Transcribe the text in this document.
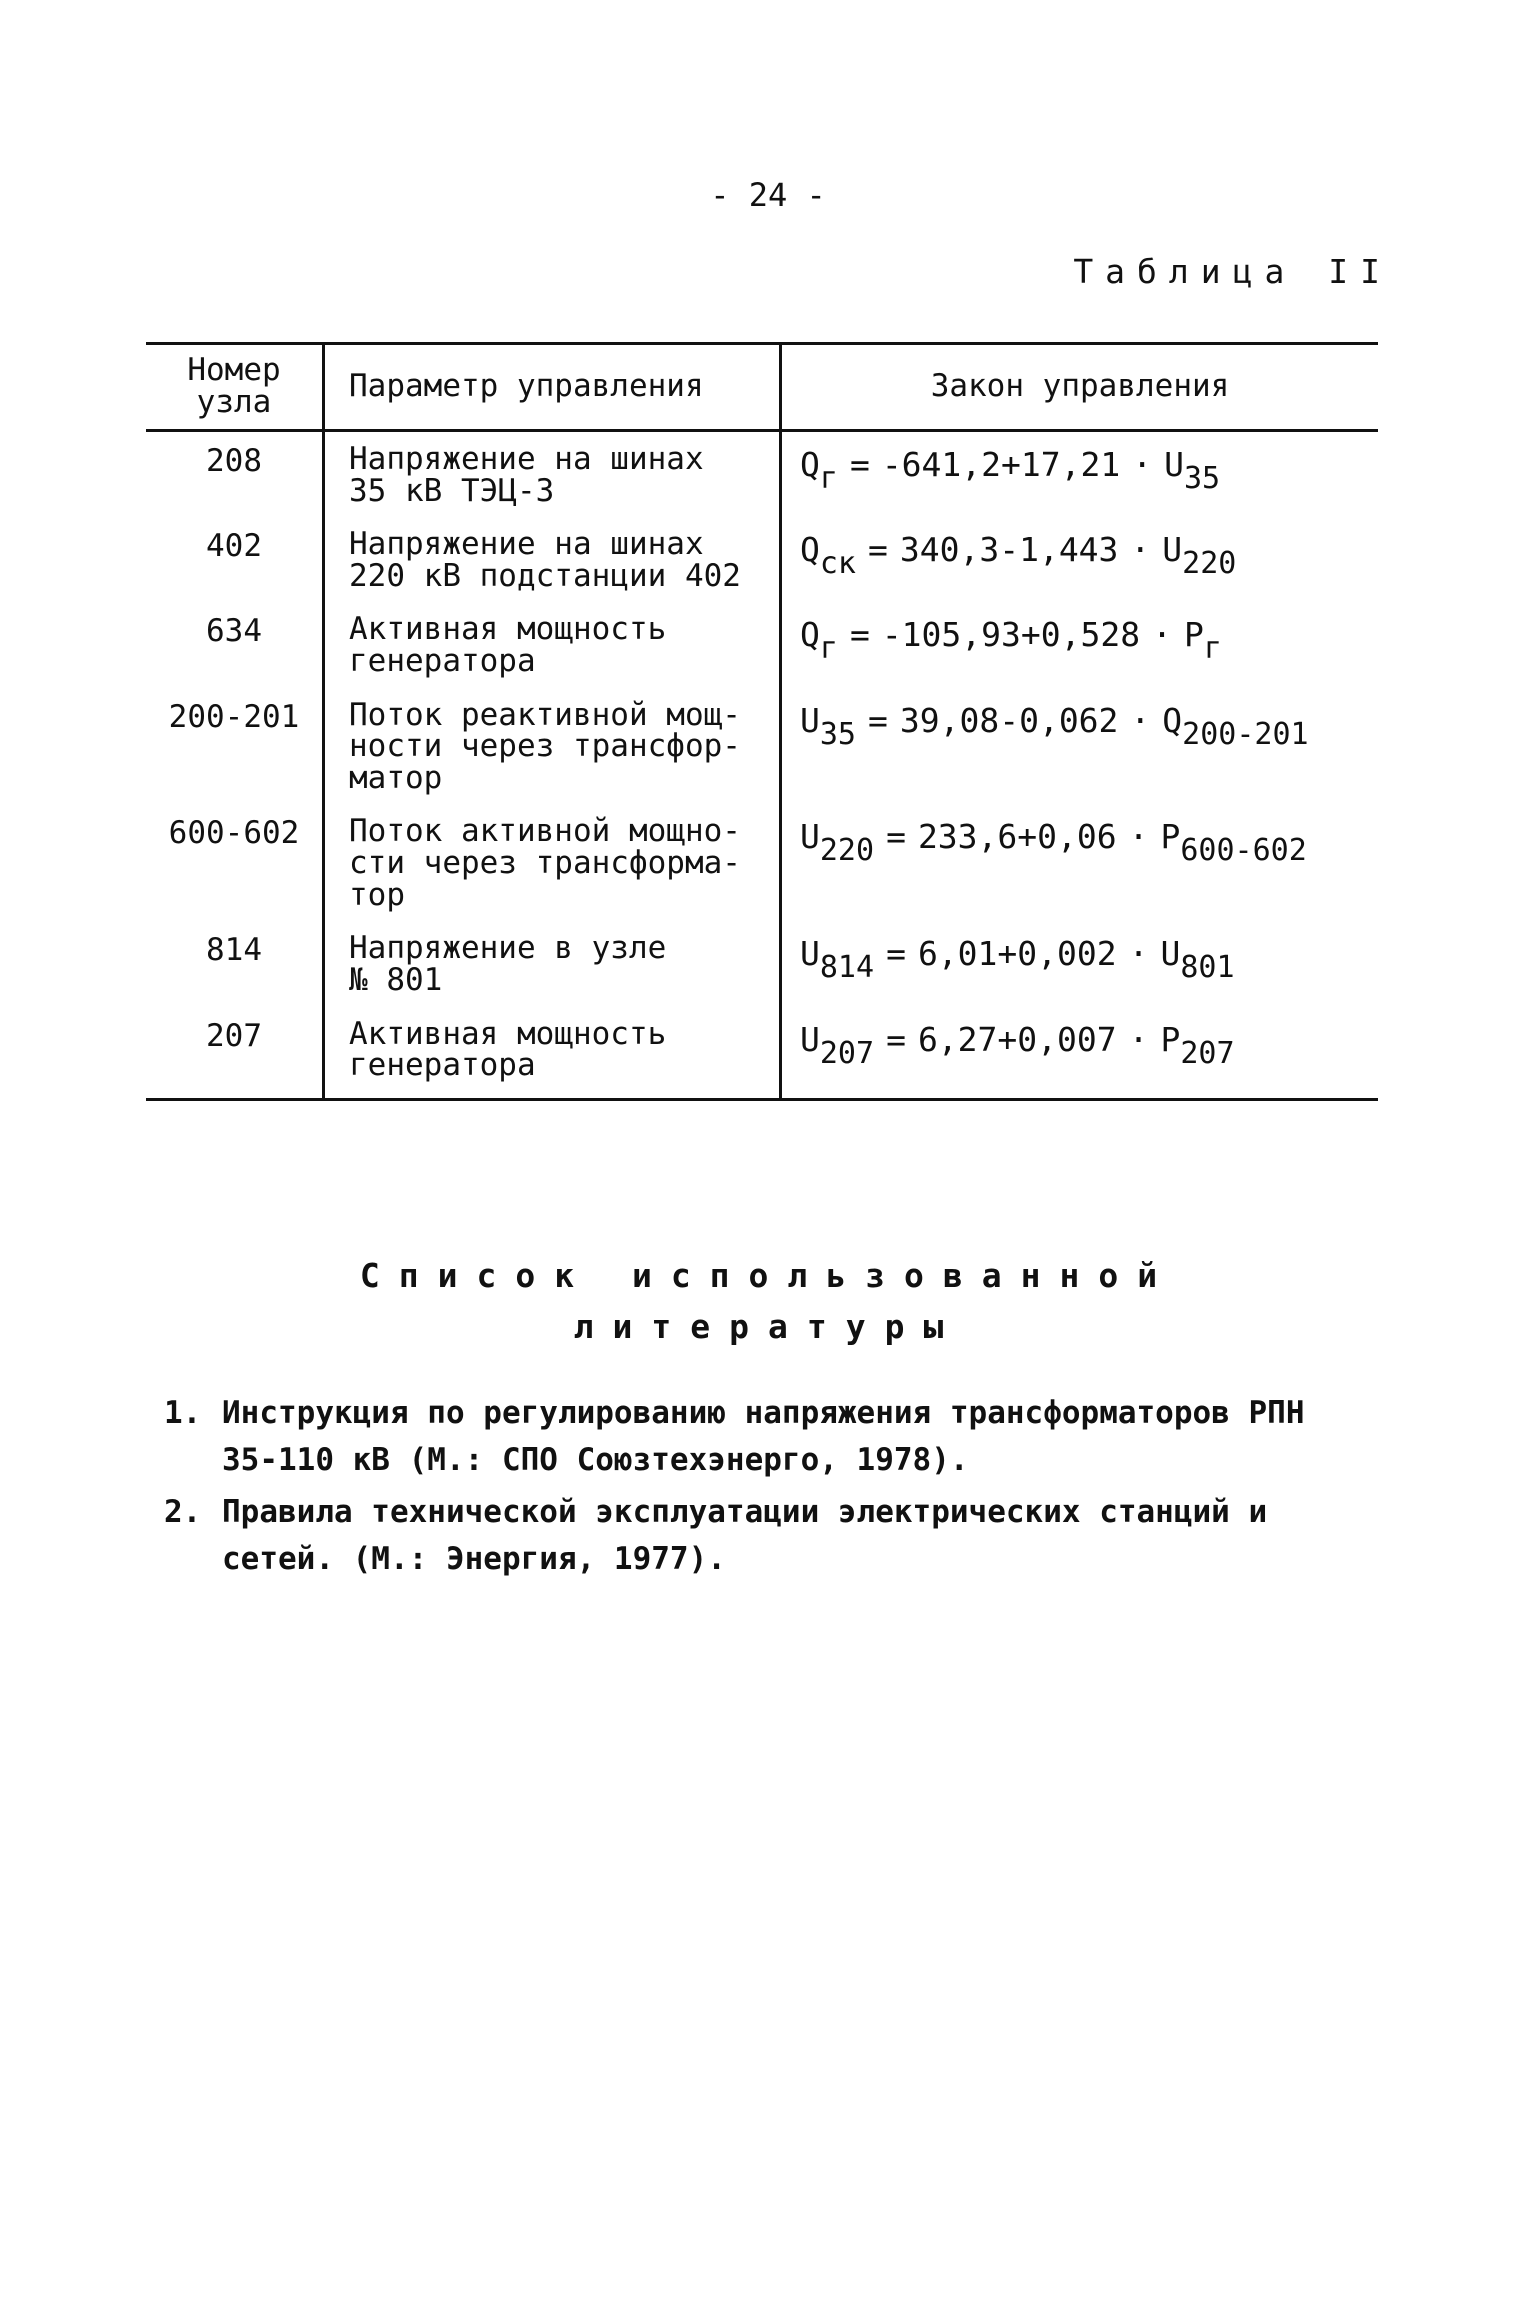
- 24 -
Таблица II
Номер
узла	Параметр управления	Закон управления
208	Напряжение на шинах
35 кВ ТЭЦ-3	Qг = -641,2+17,21 · U35
402	Напряжение на шинах
220 кВ подстанции 402	Qск = 340,3-1,443 · U220
634	Активная мощность
генератора	Qг = -105,93+0,528 · Pг
200-201	Поток реактивной мощ-
ности через трансфор-
матор	U35 = 39,08-0,062 · Q200-201
600-602	Поток активной мощно-
сти через трансформа-
тор	U220 = 233,6+0,06 · P600-602
814	Напряжение в узле
№ 801	U814 = 6,01+0,002 · U801
207	Активная мощность
генератора	U207 = 6,27+0,007 · P207
Список использованной
литературы
1. Инструкция по регулированию напряжения трансформаторов РПН 35-110 кВ (М.: СПО Союзтехэнерго, 1978).
2. Правила технической эксплуатации электрических станций и сетей. (М.: Энергия, 1977).
